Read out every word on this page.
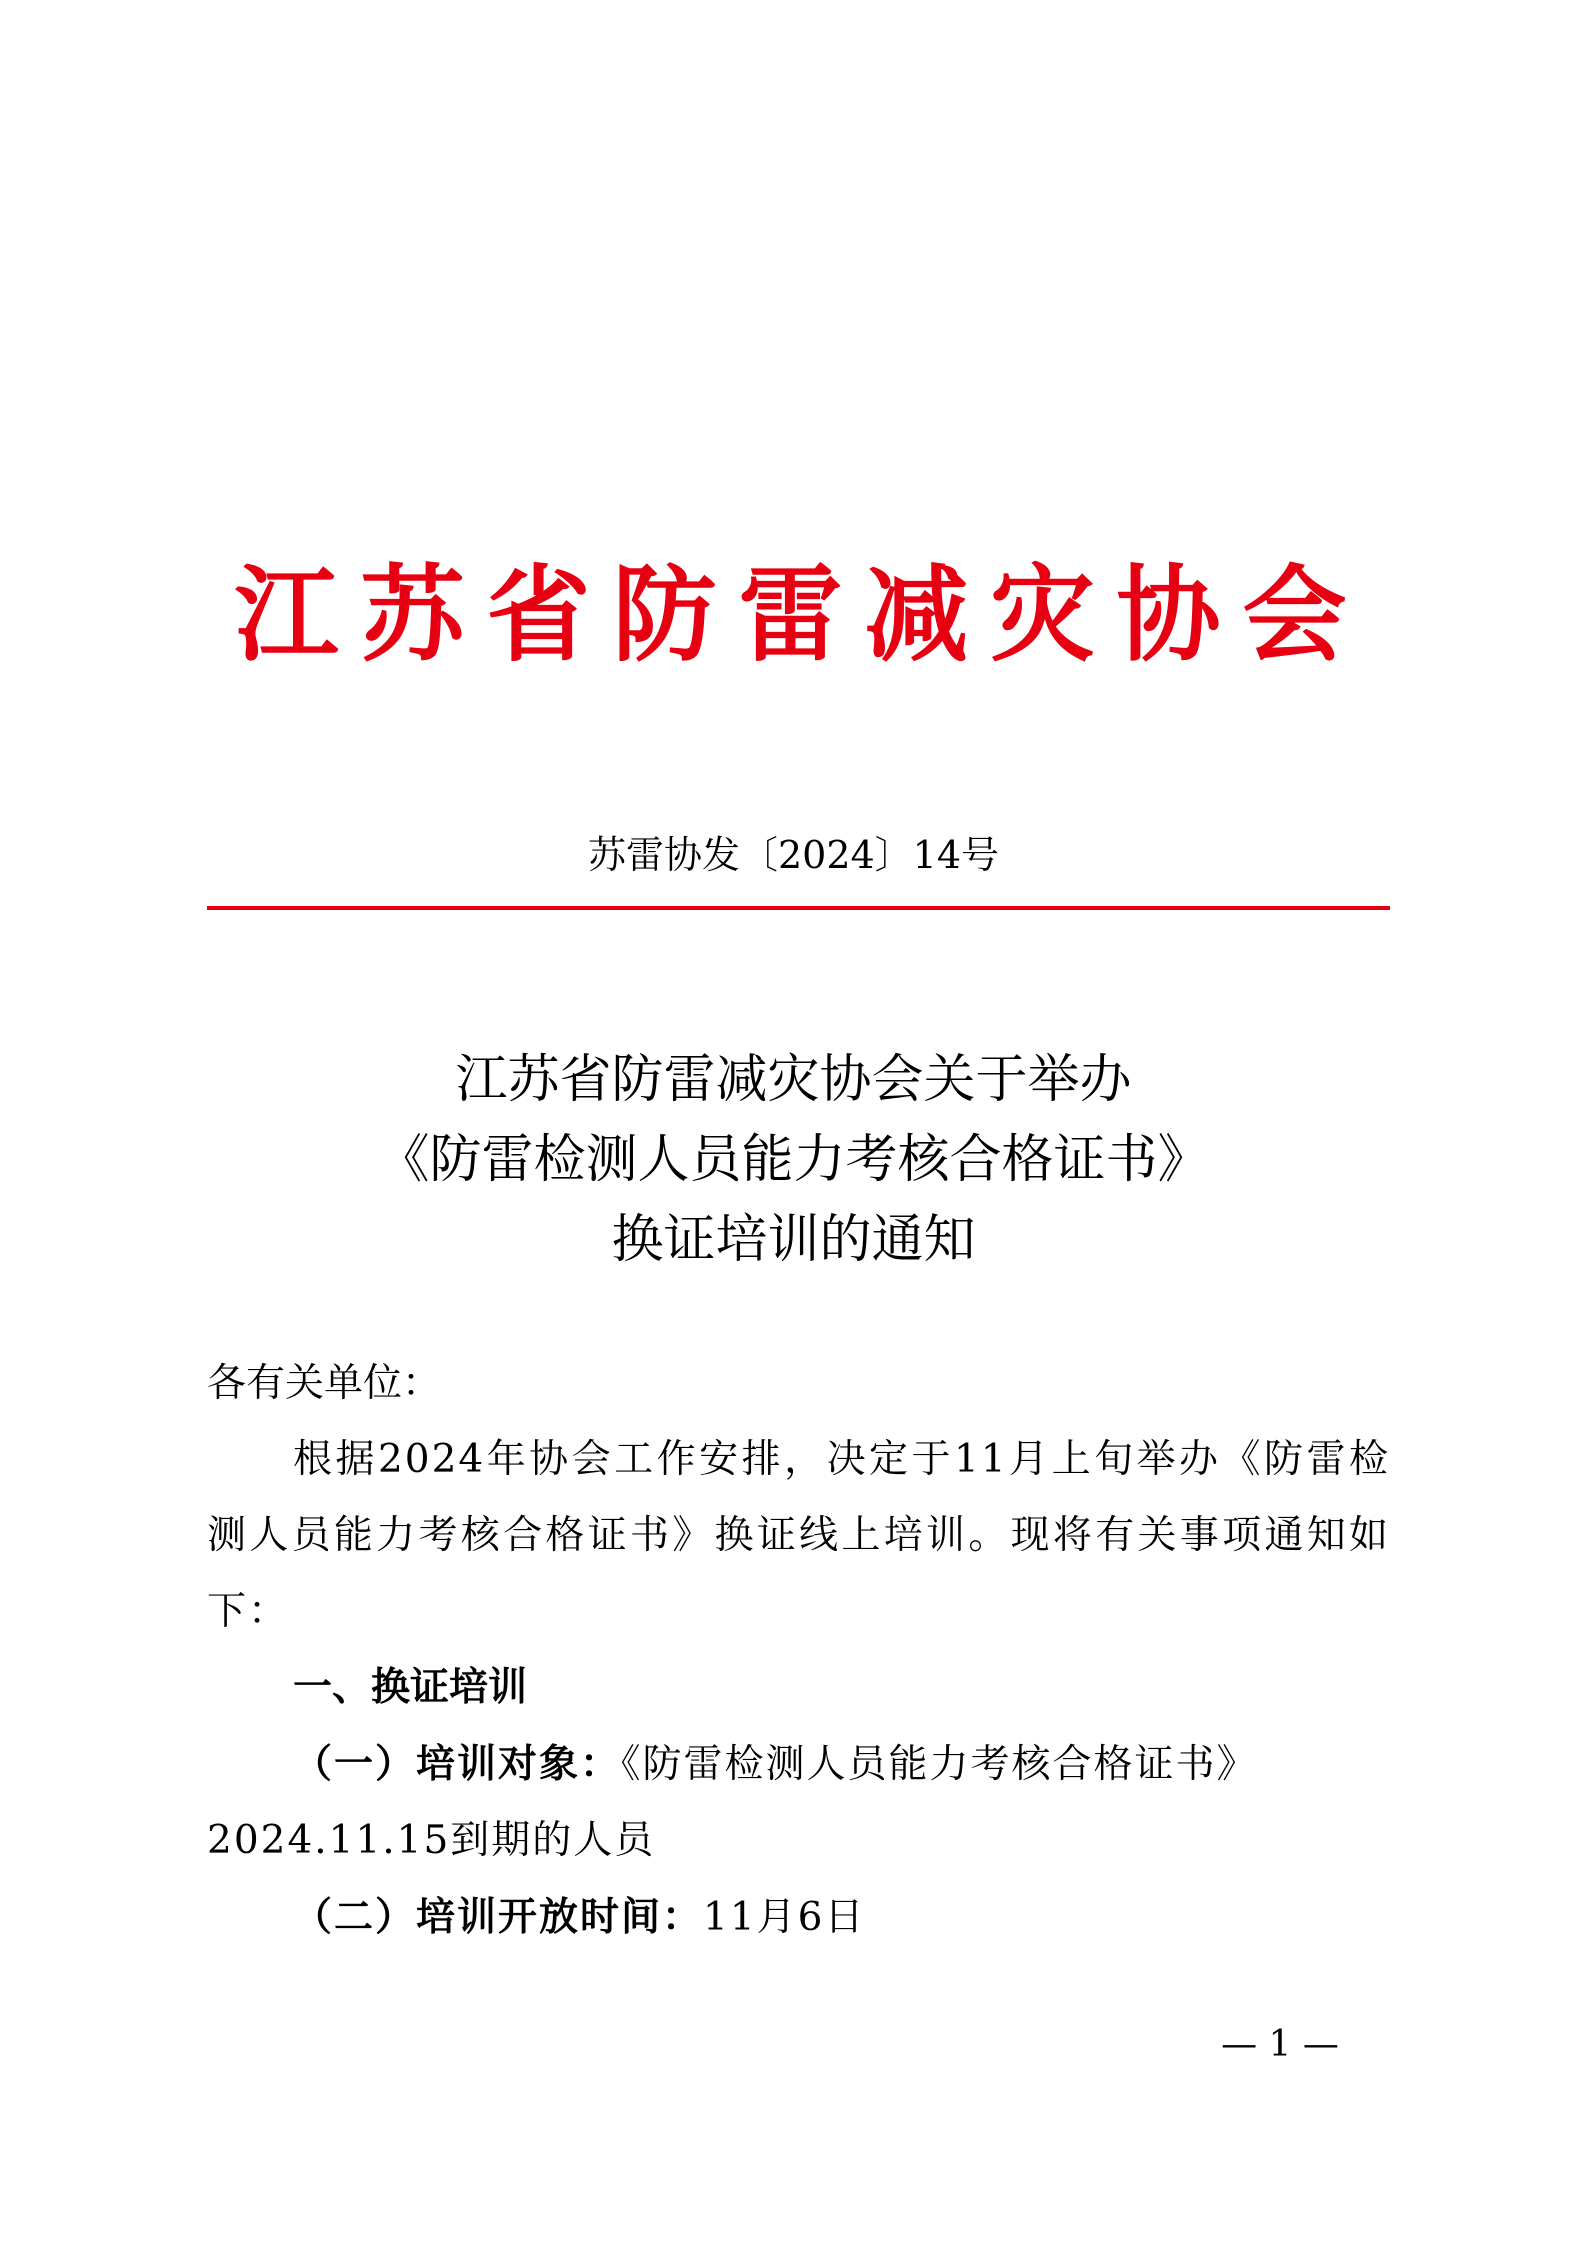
江苏省防雷减灾协会
苏雷协发〔2024〕14号
江苏省防雷减灾协会关于举办
《防雷检测人员能力考核合格证书》
换证培训的通知

各有关单位：

根据2024年协会工作安排，决定于11月上旬举办《防雷检测人员能力考核合格证书》换证线上培训。现将有关事项通知如下：

一、换证培训

（一）培训对象：《防雷检测人员能力考核合格证书》2024.11.15到期的人员

（二）培训开放时间：11月6日

— 1 —
